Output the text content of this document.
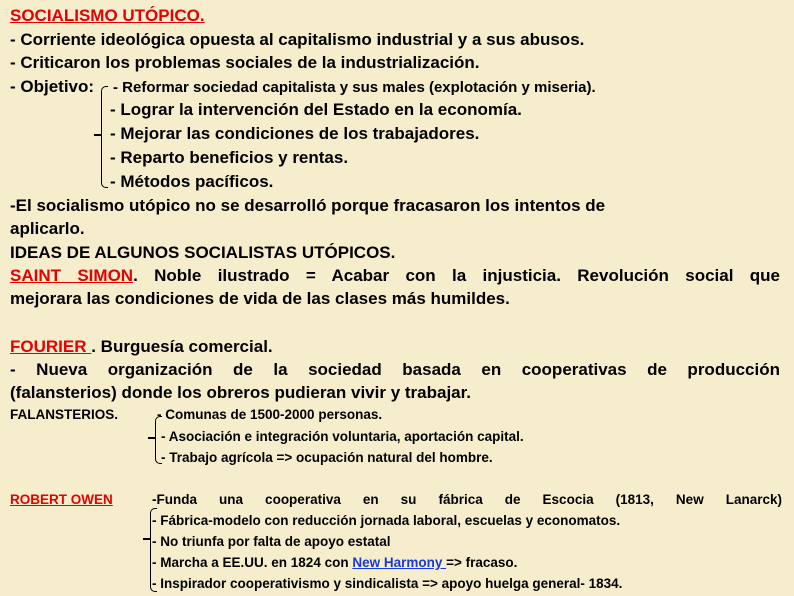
SOCIALISMO UTÓPICO.
- Corriente ideológica opuesta al capitalismo industrial y a sus abusos.
- Criticaron los problemas sociales de la industrialización.
- Objetivo: - Reformar sociedad capitalista y sus males (explotación y miseria).
- Lograr la intervención del Estado en la economía.
- Mejorar las condiciones de los trabajadores.
- Reparto beneficios y rentas.
- Métodos pacíficos.
-El socialismo utópico no se desarrolló porque fracasaron los intentos de
aplicarlo.
IDEAS DE ALGUNOS SOCIALISTAS UTÓPICOS.
SAINT SIMON. Noble ilustrado = Acabar con la injusticia. Revolución social que
mejorara las condiciones de vida de las clases más humildes.
FOURIER . Burguesía comercial.
- Nueva organización de la sociedad basada en cooperativas de producción
(falansterios) donde los obreros pudieran vivir y trabajar.
FALANSTERIOS.	- Comunas de 1500-2000 personas.
- Asociación e integración voluntaria, aportación capital.
- Trabajo agrícola => ocupación natural del hombre.
ROBERT OWEN	-Funda una cooperativa en su fábrica de Escocia (1813, New Lanarck)
- Fábrica-modelo con reducción jornada laboral, escuelas y economatos.
- No triunfa por falta de apoyo estatal
- Marcha a EE.UU. en 1824 con New Harmony => fracaso.
- Inspirador cooperativismo y sindicalista => apoyo huelga general- 1834.
